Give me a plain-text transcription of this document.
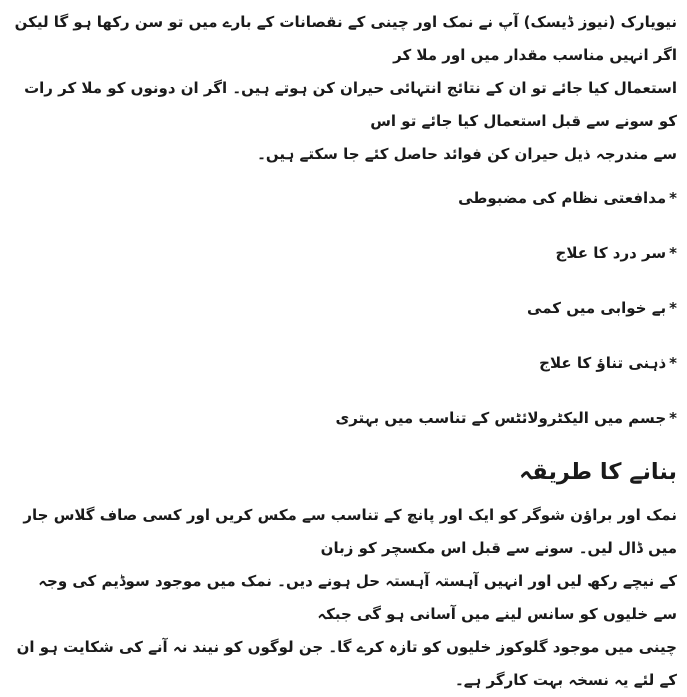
نیویارک (نیوز ڈیسک) آپ نے نمک اور چینی کے نقصانات کے بارے میں تو سن رکھا ہو گا لیکن اگر انہیں مناسب مقدار میں اور ملا کر
استعمال کیا جائے تو ان کے نتائج انتہائی حیران کن ہوتے ہیں۔ اگر ان دونوں کو ملا کر رات کو سونے سے قبل استعمال کیا جائے تو اس
سے مندرجہ ذیل حیران کن فوائد حاصل کئے جا سکتے ہیں۔

*مدافعتی نظام کی مضبوطی
*سر درد کا علاج
*بے خوابی میں کمی
*ذہنی تناؤ کا علاج
*جسم میں الیکٹرولائٹس کے تناسب میں بہتری
بنانے کا طریقہ

نمک اور براؤن شوگر کو ایک اور پانچ کے تناسب سے مکس کریں اور کسی صاف گلاس جار میں ڈال لیں۔ سونے سے قبل اس مکسچر کو زبان
کے نیچے رکھ لیں اور انہیں آہستہ آہستہ حل ہونے دیں۔ نمک میں موجود سوڈیم کی وجہ سے خلیوں کو سانس لینے میں آسانی ہو گی جبکہ
چینی میں موجود گلوکوز خلیوں کو تازہ کرے گا۔ جن لوگوں کو نیند نہ آنے کی شکایت ہو ان کے لئے یہ نسخہ بہت کارگر ہے۔
